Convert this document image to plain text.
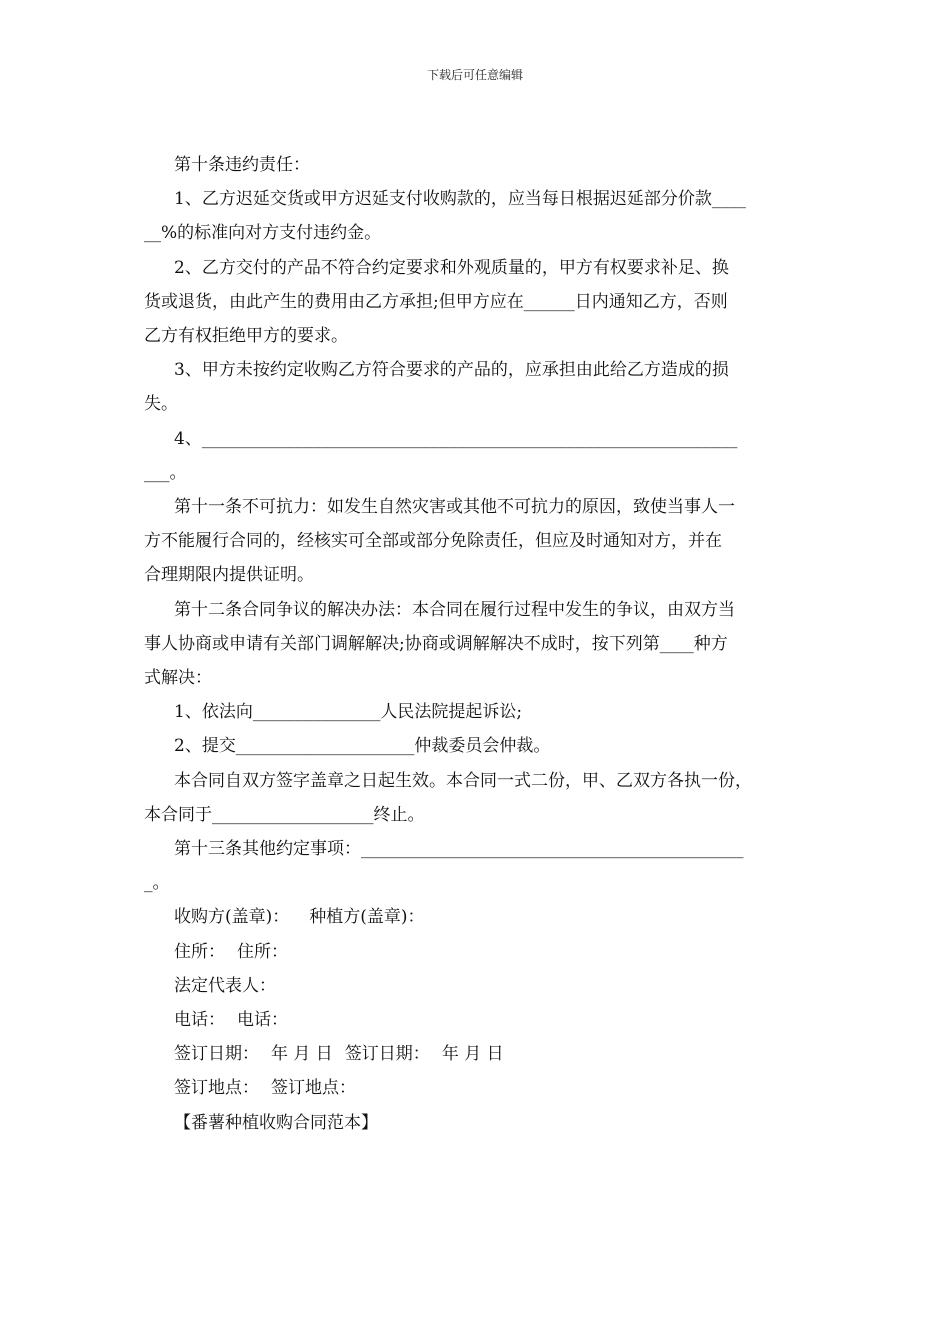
下载后可任意编辑

第十条违约责任：

1、乙方迟延交货或甲方迟延支付收购款的，应当每日根据迟延部分价款____

__%的标准向对方支付违约金。

2、乙方交付的产品不符合约定要求和外观质量的，甲方有权要求补足、换

货或退货，由此产生的费用由乙方承担;但甲方应在______日内通知乙方，否则

乙方有权拒绝甲方的要求。

3、甲方未按约定收购乙方符合要求的产品的，应承担由此给乙方造成的损

失。

4、_______________________________________________________________

___。

第十一条不可抗力：如发生自然灾害或其他不可抗力的原因，致使当事人一

方不能履行合同的，经核实可全部或部分免除责任，但应及时通知对方，并在

合理期限内提供证明。

第十二条合同争议的解决办法：本合同在履行过程中发生的争议，由双方当

事人协商或申请有关部门调解解决;协商或调解解决不成时，按下列第____种方

式解决：

1、依法向_______________人民法院提起诉讼;

2、提交_____________________仲裁委员会仲裁。

本合同自双方签字盖章之日起生效。本合同一式二份，甲、乙双方各执一份，

本合同于___________________终止。

第十三条其他约定事项：_____________________________________________

_。

收购方(盖章)： 种植方(盖章)：

住所： 住所：

法定代表人：

电话： 电话：

签订日期： 年 月 日 签订日期： 年 月 日

签订地点： 签订地点：

【番薯种植收购合同范本】
